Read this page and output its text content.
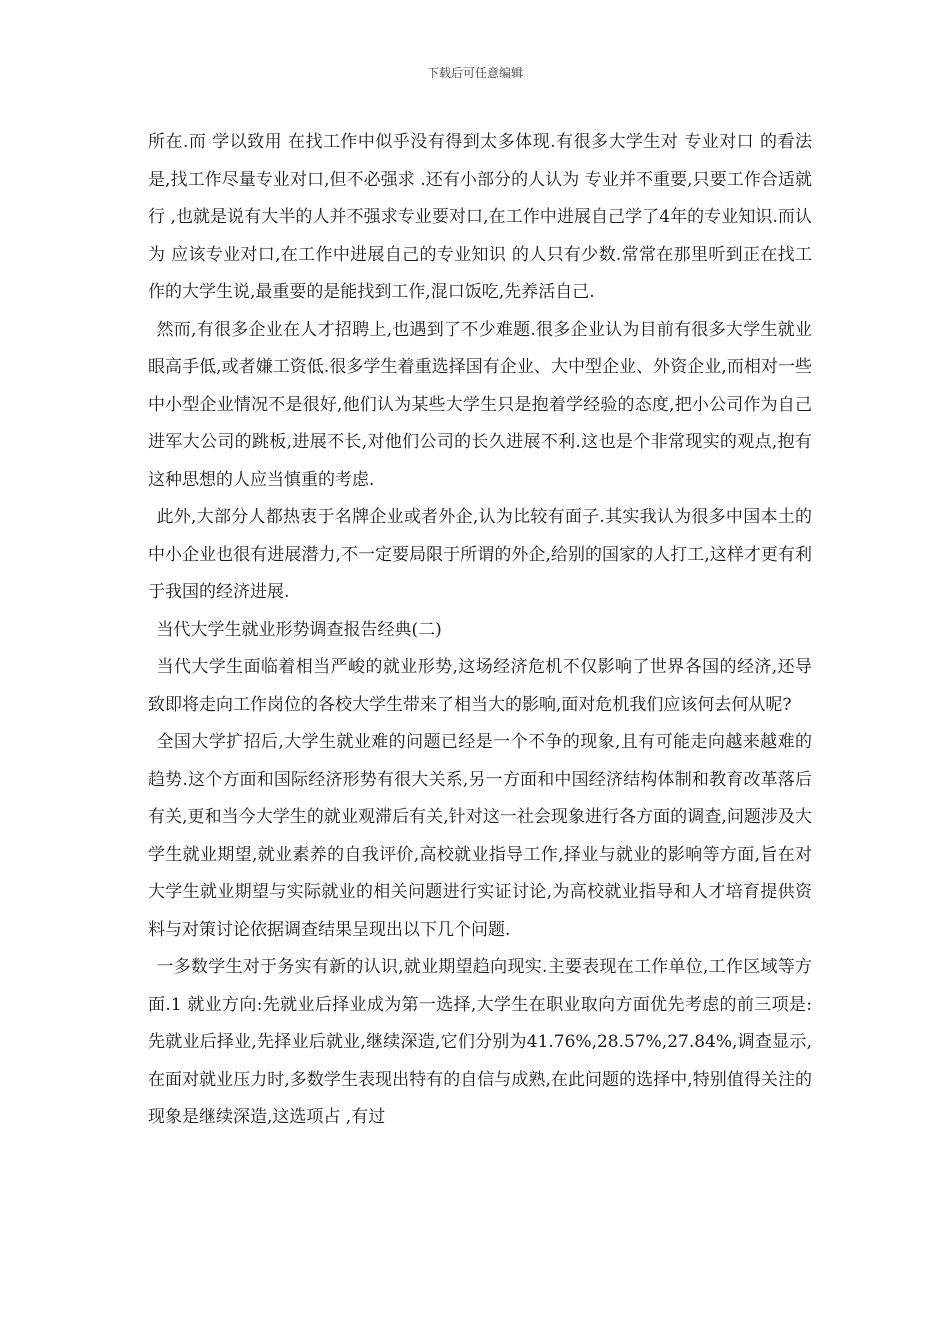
下载后可任意编辑

所在.而 学以致用 在找工作中似乎没有得到太多体现.有很多大学生对 专业对口 的看法是,找工作尽量专业对口,但不必强求 .还有小部分的人认为 专业并不重要,只要工作合适就行 ,也就是说有大半的人并不强求专业要对口,在工作中进展自己学了4年的专业知识.而认为 应该专业对口,在工作中进展自己的专业知识 的人只有少数.常常在那里听到正在找工作的大学生说,最重要的是能找到工作,混口饭吃,先养活自己.

然而,有很多企业在人才招聘上,也遇到了不少难题.很多企业认为目前有很多大学生就业眼高手低,或者嫌工资低.很多学生着重选择国有企业、大中型企业、外资企业,而相对一些中小型企业情况不是很好,他们认为某些大学生只是抱着学经验的态度,把小公司作为自己进军大公司的跳板,进展不长,对他们公司的长久进展不利.这也是个非常现实的观点,抱有这种思想的人应当慎重的考虑.

此外,大部分人都热衷于名牌企业或者外企,认为比较有面子.其实我认为很多中国本土的中小企业也很有进展潜力,不一定要局限于所谓的外企,给别的国家的人打工,这样才更有利于我国的经济进展.

当代大学生就业形势调查报告经典(二)

当代大学生面临着相当严峻的就业形势,这场经济危机不仅影响了世界各国的经济,还导致即将走向工作岗位的各校大学生带来了相当大的影响,面对危机我们应该何去何从呢?

全国大学扩招后,大学生就业难的问题已经是一个不争的现象,且有可能走向越来越难的趋势.这个方面和国际经济形势有很大关系,另一方面和中国经济结构体制和教育改革落后有关,更和当今大学生的就业观滞后有关,针对这一社会现象进行各方面的调查,问题涉及大学生就业期望,就业素养的自我评价,高校就业指导工作,择业与就业的影响等方面,旨在对大学生就业期望与实际就业的相关问题进行实证讨论,为高校就业指导和人才培育提供资料与对策讨论依据调查结果呈现出以下几个问题.

一多数学生对于务实有新的认识,就业期望趋向现实.主要表现在工作单位,工作区域等方面.1 就业方向:先就业后择业成为第一选择,大学生在职业取向方面优先考虑的前三项是:先就业后择业,先择业后就业,继续深造,它们分别为41.76%,28.57%,27.84%,调查显示,在面对就业压力时,多数学生表现出特有的自信与成熟,在此问题的选择中,特别值得关注的现象是继续深造,这选项占 ,有过
